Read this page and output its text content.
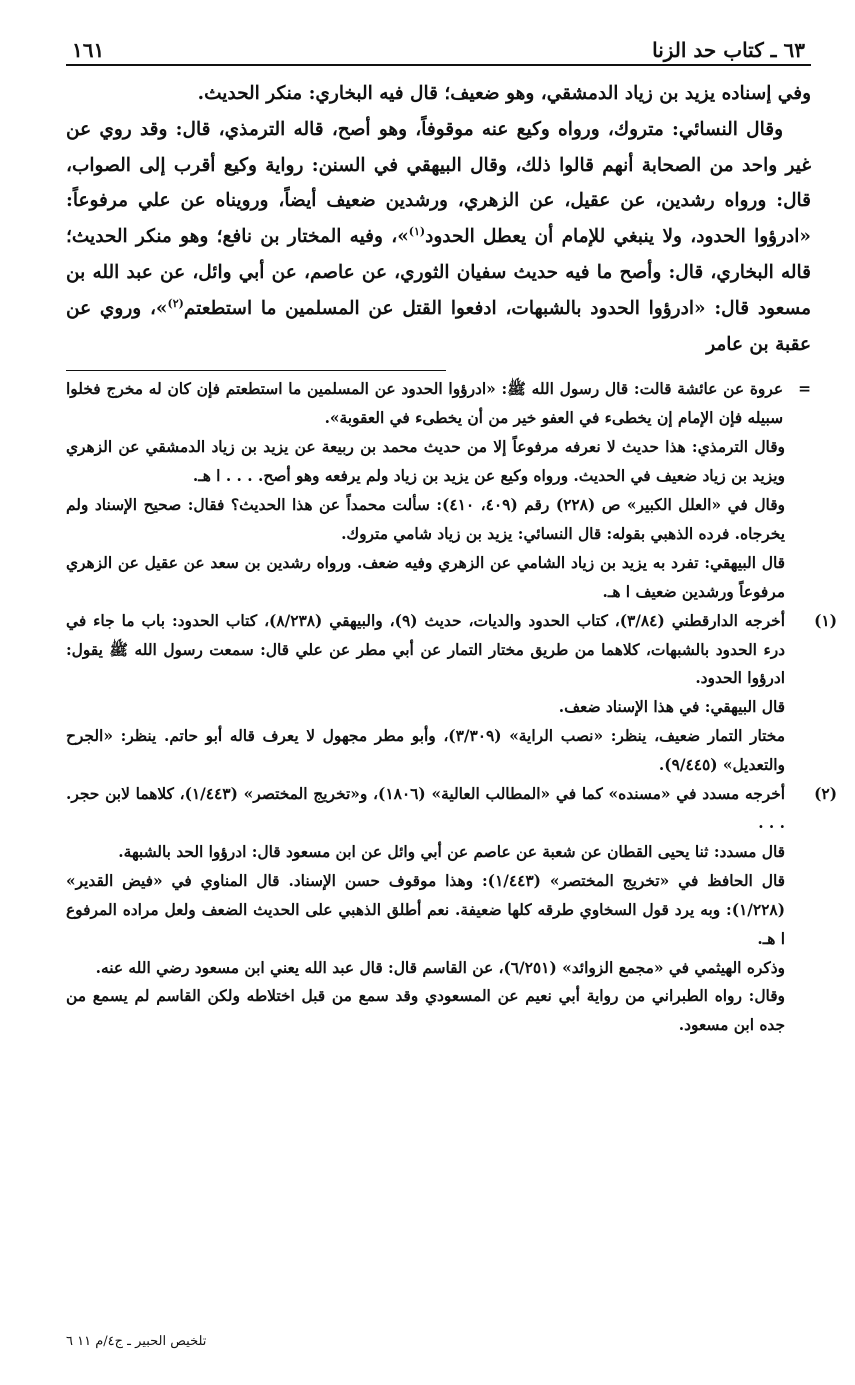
٦٣ ـ كتاب حد الزنا
١٦١

وفي إسناده يزيد بن زياد الدمشقي، وهو ضعيف؛ قال فيه البخاري: منكر الحديث.

وقال النسائي: متروك، ورواه وكيع عنه موقوفاً، وهو أصح، قاله الترمذي، قال: وقد روي عن غير واحد من الصحابة أنهم قالوا ذلك، وقال البيهقي في السنن: رواية وكيع أقرب إلى الصواب، قال: ورواه رشدين، عن عقيل، عن الزهري، ورشدين ضعيف أيضاً، ورويناه عن علي مرفوعاً: «ادرؤوا الحدود، ولا ينبغي للإمام أن يعطل الحدود$^{(١)}$»، وفيه المختار بن نافع؛ وهو منكر الحديث؛ قاله البخاري، قال: وأصح ما فيه حديث سفيان الثوري، عن عاصم، عن أبي وائل، عن عبد الله بن مسعود قال: «ادرؤوا الحدود بالشبهات، ادفعوا القتل عن المسلمين ما استطعتم$^{(٢)}$»، وروي عن عقبة بن عامر

=
عروة عن عائشة قالت: قال رسول الله ﷺ: «ادرؤوا الحدود عن المسلمين ما استطعتم فإن كان له مخرج فخلوا سبيله فإن الإمام إن يخطىء في العفو خير من أن يخطىء في العقوبة».

وقال الترمذي: هذا حديث لا نعرفه مرفوعاً إلا من حديث محمد بن ربيعة عن يزيد بن زياد الدمشقي عن الزهري ويزيد بن زياد ضعيف في الحديث. ورواه وكيع عن يزيد بن زياد ولم يرفعه وهو أصح. . . . ا هـ.

وقال في «العلل الكبير» ص (٢٢٨) رقم (٤٠٩، ٤١٠): سألت محمداً عن هذا الحديث؟ فقال: صحيح الإسناد ولم يخرجاه. فرده الذهبي بقوله: قال النسائي: يزيد بن زياد شامي متروك.

قال البيهقي: تفرد به يزيد بن زياد الشامي عن الزهري وفيه ضعف. ورواه رشدين بن سعد عن عقيل عن الزهري مرفوعاً ورشدين ضعيف ا هـ.

(١)أخرجه الدارقطني (٣/٨٤)، كتاب الحدود والديات، حديث (٩)، والبيهقي (٨/٢٣٨)، كتاب الحدود: باب ما جاء في درء الحدود بالشبهات، كلاهما من طريق مختار التمار عن أبي مطر عن علي قال: سمعت رسول الله ﷺ يقول: ادرؤوا الحدود.

قال البيهقي: في هذا الإسناد ضعف.

مختار التمار ضعيف، ينظر: «نصب الراية» (٣/٣٠٩)، وأبو مطر مجهول لا يعرف قاله أبو حاتم. ينظر: «الجرح والتعديل» (٩/٤٤٥).

(٢)أخرجه مسدد في «مسنده» كما في «المطالب العالية» (١٨٠٦)، و«تخريج المختصر» (١/٤٤٣)، كلاهما لابن حجر. . . .

قال مسدد: ثنا يحيى القطان عن شعبة عن عاصم عن أبي وائل عن ابن مسعود قال: ادرؤوا الحد بالشبهة.

قال الحافظ في «تخريج المختصر» (١/٤٤٣): وهذا موقوف حسن الإسناد. قال المناوي في «فيض القدير» (١/٢٢٨): وبه يرد قول السخاوي طرقه كلها ضعيفة. نعم أطلق الذهبي على الحديث الضعف ولعل مراده المرفوع ا هـ.

وذكره الهيثمي في «مجمع الزوائد» (٦/٢٥١)، عن القاسم قال: قال عبد الله يعني ابن مسعود رضي الله عنه.

وقال: رواه الطبراني من رواية أبي نعيم عن المسعودي وقد سمع من قبل اختلاطه ولكن القاسم لم يسمع من جده ابن مسعود.

تلخيص الحبير ـ ج٤/م ١١ ٦
